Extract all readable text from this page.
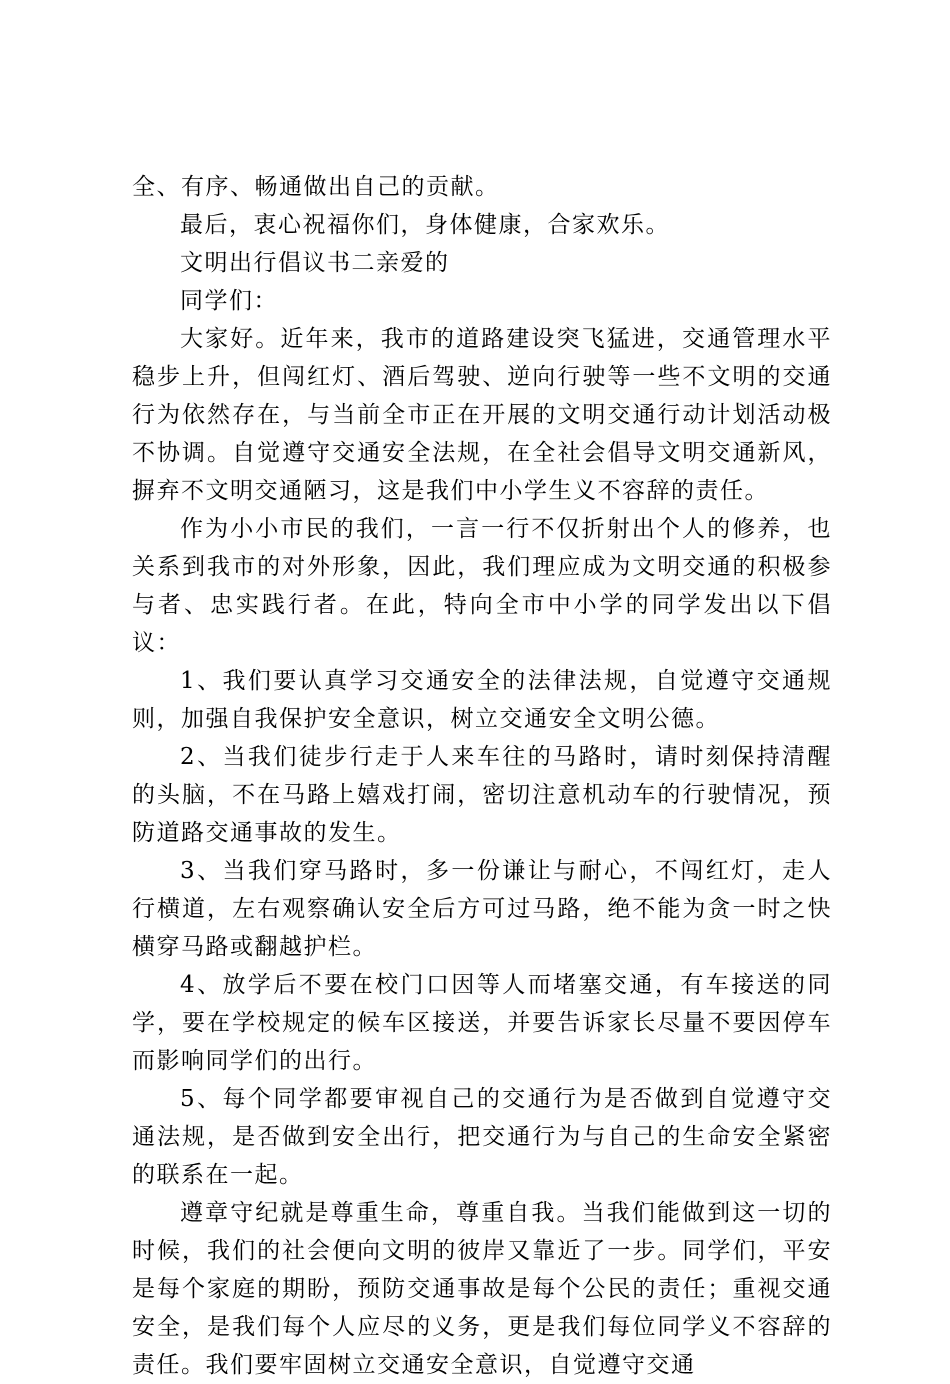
全、有序、畅通做出自己的贡献。

最后，衷心祝福你们，身体健康，合家欢乐。

文明出行倡议书二亲爱的

同学们：

大家好。近年来，我市的道路建设突飞猛进，交通管理水平稳步上升，但闯红灯、酒后驾驶、逆向行驶等一些不文明的交通行为依然存在，与当前全市正在开展的文明交通行动计划活动极不协调。自觉遵守交通安全法规，在全社会倡导文明交通新风，摒弃不文明交通陋习，这是我们中小学生义不容辞的责任。

作为小小市民的我们，一言一行不仅折射出个人的修养，也关系到我市的对外形象，因此，我们理应成为文明交通的积极参与者、忠实践行者。在此，特向全市中小学的同学发出以下倡议：

1、我们要认真学习交通安全的法律法规，自觉遵守交通规则，加强自我保护安全意识，树立交通安全文明公德。

2、当我们徒步行走于人来车往的马路时，请时刻保持清醒的头脑，不在马路上嬉戏打闹，密切注意机动车的行驶情况，预防道路交通事故的发生。

3、当我们穿马路时，多一份谦让与耐心，不闯红灯，走人行横道，左右观察确认安全后方可过马路，绝不能为贪一时之快横穿马路或翻越护栏。

4、放学后不要在校门口因等人而堵塞交通，有车接送的同学，要在学校规定的候车区接送，并要告诉家长尽量不要因停车而影响同学们的出行。

5、每个同学都要审视自己的交通行为是否做到自觉遵守交通法规，是否做到安全出行，把交通行为与自己的生命安全紧密的联系在一起。

遵章守纪就是尊重生命，尊重自我。当我们能做到这一切的时候，我们的社会便向文明的彼岸又靠近了一步。同学们，平安是每个家庭的期盼，预防交通事故是每个公民的责任；重视交通安全，是我们每个人应尽的义务，更是我们每位同学义不容辞的责任。我们要牢固树立交通安全意识，自觉遵守交通
